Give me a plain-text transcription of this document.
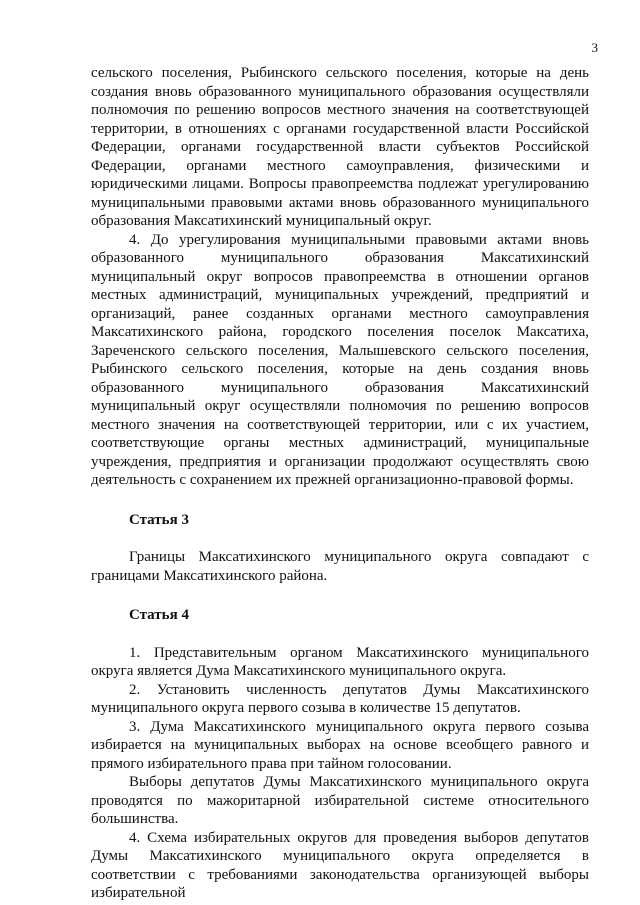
3

сельского поселения, Рыбинского сельского поселения, которые на день создания вновь образованного муниципального образования осуществляли полномочия по решению вопросов местного значения на соответствующей территории, в отношениях с органами государственной власти Российской Федерации, органами государственной власти субъектов Российской Федерации, органами местного самоуправления, физическими и юридическими лицами. Вопросы правопреемства подлежат урегулированию муниципальными правовыми актами вновь образованного муниципального образования Максатихинский муниципальный округ.

4. До урегулирования муниципальными правовыми актами вновь образованного муниципального образования Максатихинский муниципальный округ вопросов правопреемства в отношении органов местных администраций, муниципальных учреждений, предприятий и организаций, ранее созданных органами местного самоуправления Максатихинского района, городского поселения поселок Максатиха, Зареченского сельского поселения, Малышевского сельского поселения, Рыбинского сельского поселения, которые на день создания вновь образованного муниципального образования Максатихинский муниципальный округ осуществляли полномочия по решению вопросов местного значения на соответствующей территории, или с их участием, соответствующие органы местных администраций, муниципальные учреждения, предприятия и организации продолжают осуществлять свою деятельность с сохранением их прежней организационно-правовой формы.

Статья 3

Границы Максатихинского муниципального округа совпадают с границами Максатихинского района.

Статья 4

1. Представительным органом Максатихинского муниципального округа является Дума Максатихинского муниципального округа.

2. Установить численность депутатов Думы Максатихинского муниципального округа первого созыва в количестве 15 депутатов.

3. Дума Максатихинского муниципального округа первого созыва избирается на муниципальных выборах на основе всеобщего равного и прямого избирательного права при тайном голосовании.

Выборы депутатов Думы Максатихинского муниципального округа проводятся по мажоритарной избирательной системе относительного большинства.

4. Схема избирательных округов для проведения выборов депутатов Думы Максатихинского муниципального округа определяется в соответствии с требованиями законодательства организующей выборы избирательной
